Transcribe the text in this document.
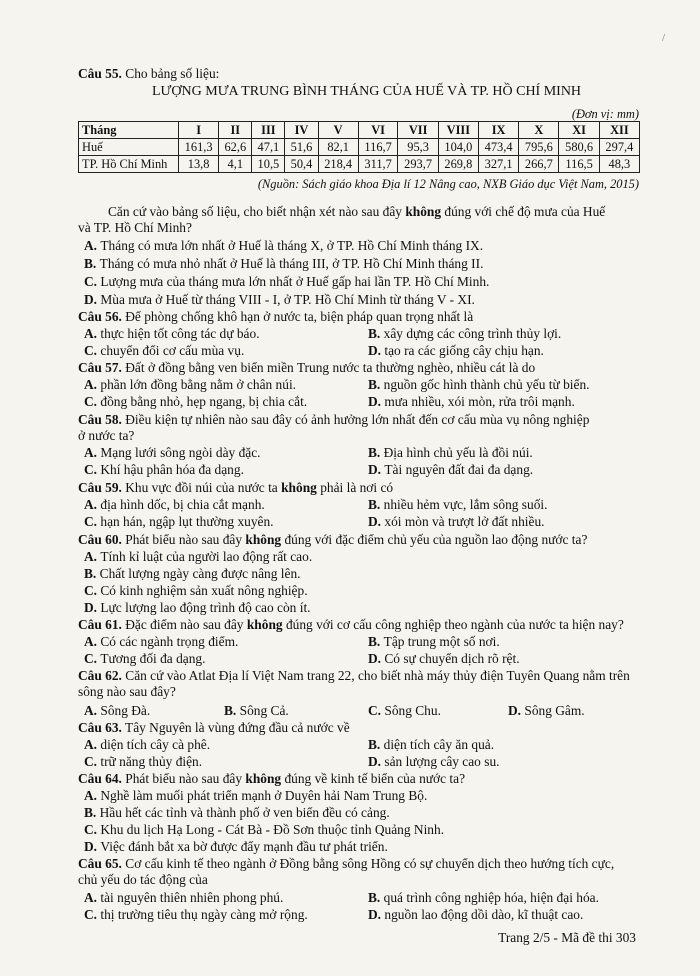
/
Câu 55. Cho bảng số liệu:
LƯỢNG MƯA TRUNG BÌNH THÁNG CỦA HUẾ VÀ TP. HỒ CHÍ MINH
(Đơn vị: mm)
Tháng	I	II	III	IV	V	VI	VII	VIII	IX	X	XI	XII
Huế	161,3	62,6	47,1	51,6	82,1	116,7	95,3	104,0	473,4	795,6	580,6	297,4
TP. Hồ Chí Minh	13,8	4,1	10,5	50,4	218,4	311,7	293,7	269,8	327,1	266,7	116,5	48,3
(Nguồn: Sách giáo khoa Địa lí 12 Nâng cao, NXB Giáo dục Việt Nam, 2015)
Căn cứ vào bảng số liệu, cho biết nhận xét nào sau đây không đúng với chế độ mưa của Huế
và TP. Hồ Chí Minh?
A. Tháng có mưa lớn nhất ở Huế là tháng X, ở TP. Hồ Chí Minh tháng IX.
B. Tháng có mưa nhỏ nhất ở Huế là tháng III, ở TP. Hồ Chí Minh tháng II.
C. Lượng mưa của tháng mưa lớn nhất ở Huế gấp hai lần TP. Hồ Chí Minh.
D. Mùa mưa ở Huế từ tháng VIII - I, ở TP. Hồ Chí Minh từ tháng V - XI.
Câu 56. Để phòng chống khô hạn ở nước ta, biện pháp quan trọng nhất là
A. thực hiện tốt công tác dự báo.	B. xây dựng các công trình thủy lợi.
C. chuyển đổi cơ cấu mùa vụ.	D. tạo ra các giống cây chịu hạn.
Câu 57. Đất ở đồng bằng ven biển miền Trung nước ta thường nghèo, nhiều cát là do
A. phần lớn đồng bằng nằm ở chân núi.	B. nguồn gốc hình thành chủ yếu từ biển.
C. đồng bằng nhỏ, hẹp ngang, bị chia cắt.	D. mưa nhiều, xói mòn, rửa trôi mạnh.
Câu 58. Điều kiện tự nhiên nào sau đây có ảnh hưởng lớn nhất đến cơ cấu mùa vụ nông nghiệp
ở nước ta?
A. Mạng lưới sông ngòi dày đặc.	B. Địa hình chủ yếu là đồi núi.
C. Khí hậu phân hóa đa dạng.	D. Tài nguyên đất đai đa dạng.
Câu 59. Khu vực đồi núi của nước ta không phải là nơi có
A. địa hình dốc, bị chia cắt mạnh.	B. nhiều hẻm vực, lắm sông suối.
C. hạn hán, ngập lụt thường xuyên.	D. xói mòn và trượt lở đất nhiều.
Câu 60. Phát biểu nào sau đây không đúng với đặc điểm chủ yếu của nguồn lao động nước ta?
A. Tính kỉ luật của người lao động rất cao.
B. Chất lượng ngày càng được nâng lên.
C. Có kinh nghiệm sản xuất nông nghiệp.
D. Lực lượng lao động trình độ cao còn ít.
Câu 61. Đặc điểm nào sau đây không đúng với cơ cấu công nghiệp theo ngành của nước ta hiện nay?
A. Có các ngành trọng điểm.	B. Tập trung một số nơi.
C. Tương đối đa dạng.	D. Có sự chuyển dịch rõ rệt.
Câu 62. Căn cứ vào Atlat Địa lí Việt Nam trang 22, cho biết nhà máy thủy điện Tuyên Quang nằm trên
sông nào sau đây?
A. Sông Đà.	B. Sông Cả.	C. Sông Chu.	D. Sông Gâm.
Câu 63. Tây Nguyên là vùng đứng đầu cả nước về
A. diện tích cây cà phê.	B. diện tích cây ăn quả.
C. trữ năng thủy điện.	D. sản lượng cây cao su.
Câu 64. Phát biểu nào sau đây không đúng về kinh tế biển của nước ta?
A. Nghề làm muối phát triển mạnh ở Duyên hải Nam Trung Bộ.
B. Hầu hết các tỉnh và thành phố ở ven biển đều có cảng.
C. Khu du lịch Hạ Long - Cát Bà - Đồ Sơn thuộc tỉnh Quảng Ninh.
D. Việc đánh bắt xa bờ được đẩy mạnh đầu tư phát triển.
Câu 65. Cơ cấu kinh tế theo ngành ở Đồng bằng sông Hồng có sự chuyển dịch theo hướng tích cực,
chủ yếu do tác động của
A. tài nguyên thiên nhiên phong phú.	B. quá trình công nghiệp hóa, hiện đại hóa.
C. thị trường tiêu thụ ngày càng mở rộng.	D. nguồn lao động dồi dào, kĩ thuật cao.
Trang 2/5 - Mã đề thi 303
